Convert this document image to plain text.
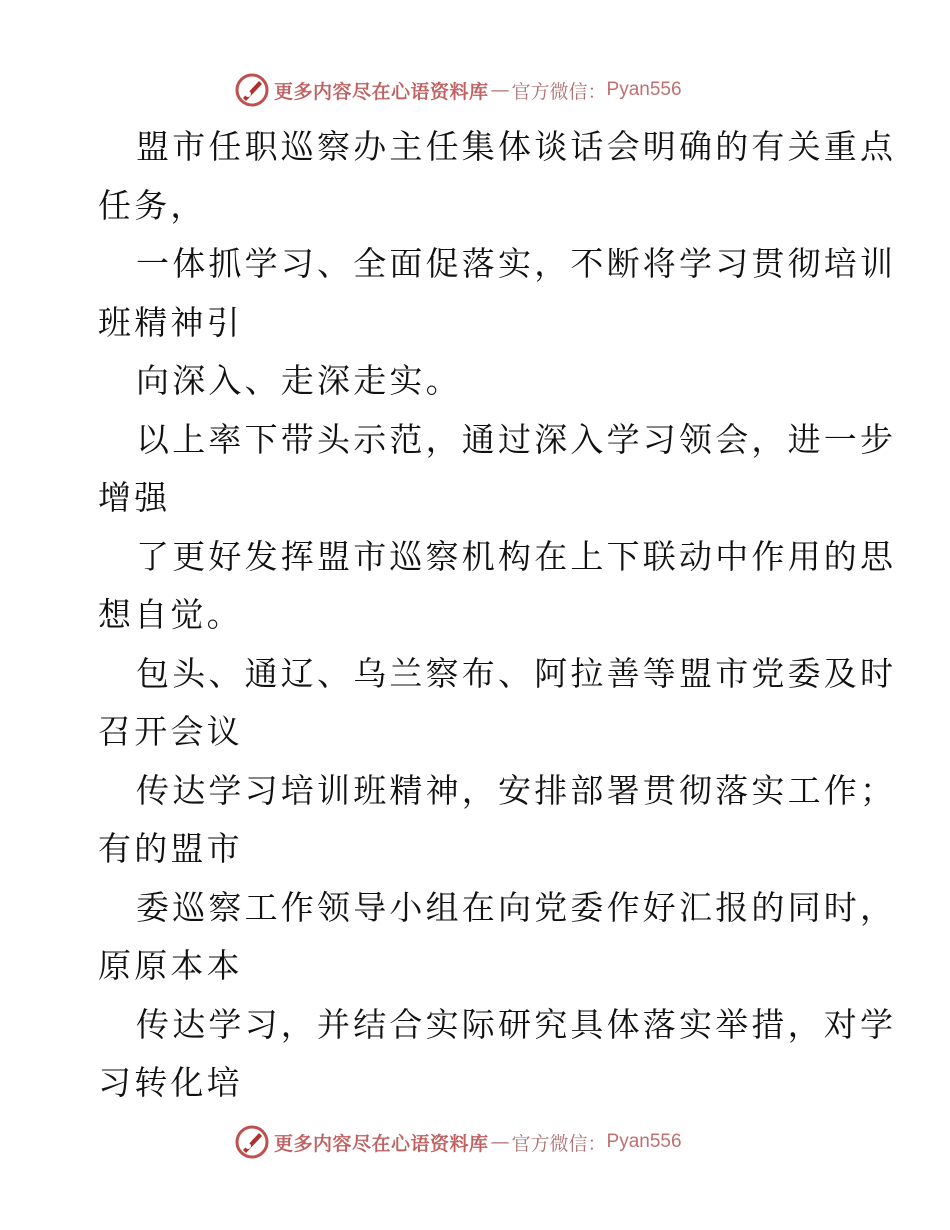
更多内容尽在心语资料库 — 官方微信： Pyan556
盟市任职巡察办主任集体谈话会明确的有关重点
任务，
一体抓学习、全面促落实，不断将学习贯彻培训
班精神引
向深入、走深走实。
以上率下带头示范，通过深入学习领会，进一步
增强
了更好发挥盟市巡察机构在上下联动中作用的思
想自觉。
包头、通辽、乌兰察布、阿拉善等盟市党委及时
召开会议
传达学习培训班精神，安排部署贯彻落实工作；
有的盟市
委巡察工作领导小组在向党委作好汇报的同时，
原原本本
传达学习，并结合实际研究具体落实举措，对学
习转化培
更多内容尽在心语资料库 — 官方微信： Pyan556
